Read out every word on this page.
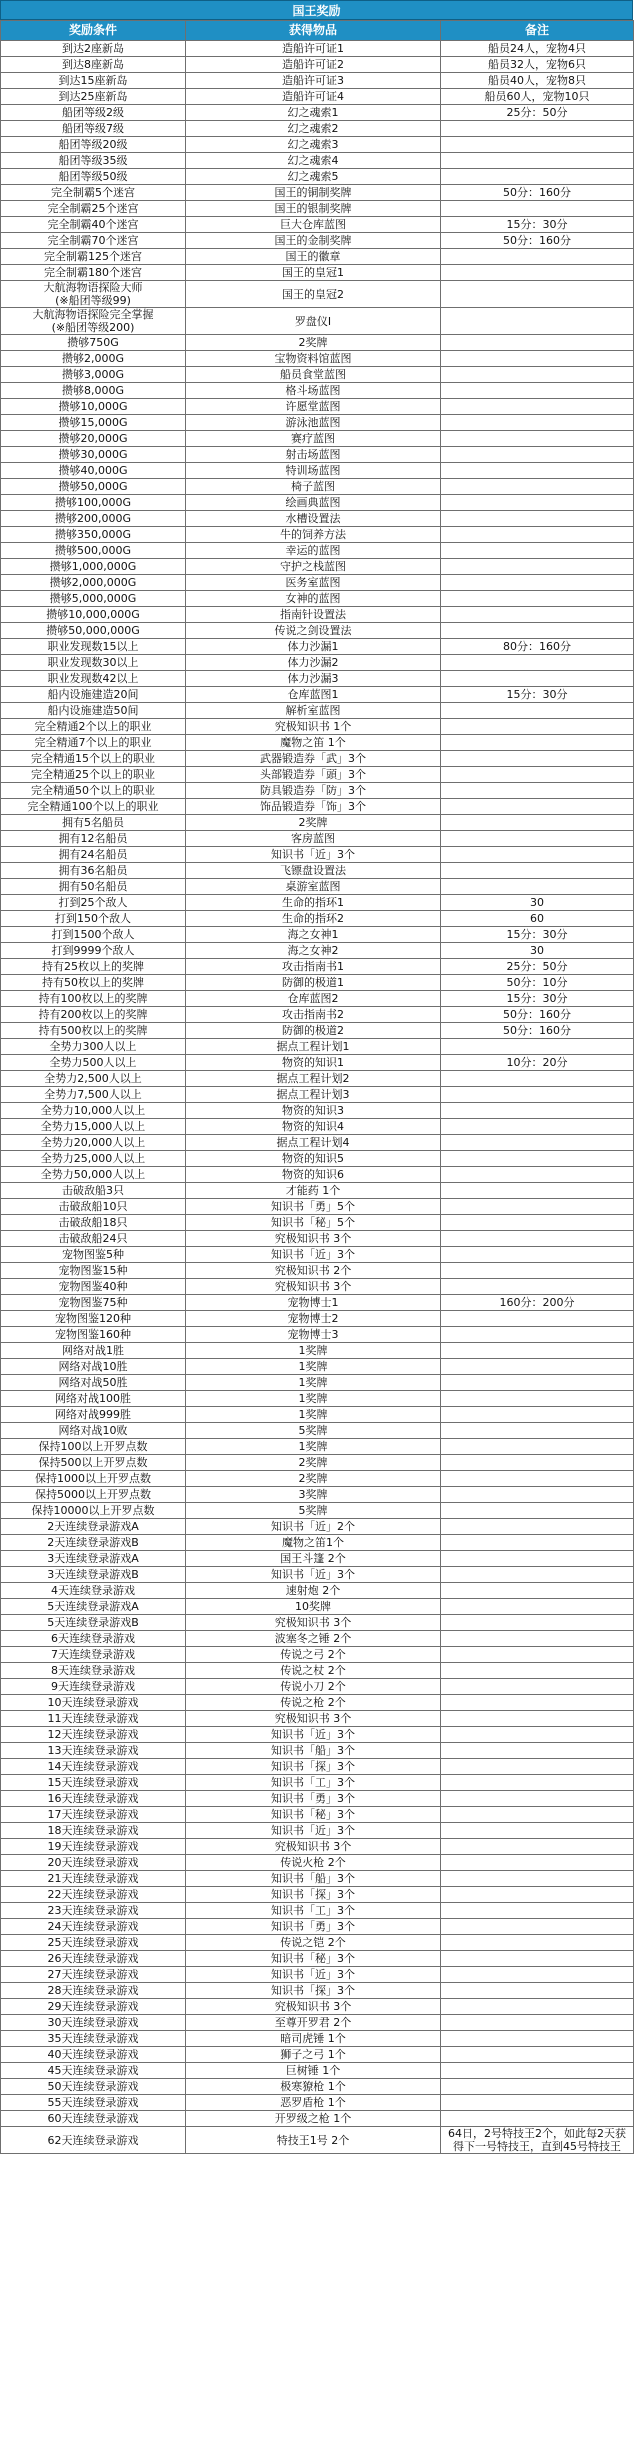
国王奖励
奖励条件	获得物品	备注
到达2座新岛	造船许可证1	船员24人，宠物4只
到达8座新岛	造船许可证2	船员32人，宠物6只
到达15座新岛	造船许可证3	船员40人，宠物8只
到达25座新岛	造船许可证4	船员60人，宠物10只
船团等级2级	幻之魂索1	25分：50分
船团等级7级	幻之魂索2	
船团等级20级	幻之魂索3	
船团等级35级	幻之魂索4	
船团等级50级	幻之魂索5	
完全制霸5个迷宫	国王的铜制奖牌	50分：160分
完全制霸25个迷宫	国王的银制奖牌	
完全制霸40个迷宫	巨大仓库蓝图	15分：30分
完全制霸70个迷宫	国王的金制奖牌	50分：160分
完全制霸125个迷宫	国王的徽章	
完全制霸180个迷宫	国王的皇冠1	
大航海物语探险大师
(※船团等级99)	国王的皇冠2	
大航海物语探险完全掌握
(※船团等级200)	罗盘仪Ⅰ	
攒够750G	2奖牌	
攒够2,000G	宝物资料馆蓝图	
攒够3,000G	船员食堂蓝图	
攒够8,000G	格斗场蓝图	
攒够10,000G	许愿堂蓝图	
攒够15,000G	游泳池蓝图	
攒够20,000G	赛疗蓝图	
攒够30,000G	射击场蓝图	
攒够40,000G	特训场蓝图	
攒够50,000G	椅子蓝图	
攒够100,000G	绘画典蓝图	
攒够200,000G	水槽设置法	
攒够350,000G	牛的饲养方法	
攒够500,000G	幸运的蓝图	
攒够1,000,000G	守护之栈蓝图	
攒够2,000,000G	医务室蓝图	
攒够5,000,000G	女神的蓝图	
攒够10,000,000G	指南针设置法	
攒够50,000,000G	传说之剑设置法	
职业发现数15以上	体力沙漏1	80分：160分
职业发现数30以上	体力沙漏2	
职业发现数42以上	体力沙漏3	
船内设施建造20间	仓库蓝图1	15分：30分
船内设施建造50间	解析室蓝图	
完全精通2个以上的职业	究极知识书 1个	
完全精通7个以上的职业	魔物之笛 1个	
完全精通15个以上的职业	武器锻造券「武」3个	
完全精通25个以上的职业	头部锻造券「頭」3个	
完全精通50个以上的职业	防具锻造券「防」3个	
完全精通100个以上的职业	饰品锻造券「饰」3个	
拥有5名船员	2奖牌	
拥有12名船员	客房蓝图	
拥有24名船员	知识书「近」3个	
拥有36名船员	飞镖盘设置法	
拥有50名船员	桌游室蓝图	
打到25个敌人	生命的指环1	30
打到150个敌人	生命的指环2	60
打到1500个敌人	海之女神1	15分：30分
打到9999个敌人	海之女神2	30
持有25枚以上的奖牌	攻击指南书1	25分：50分
持有50枚以上的奖牌	防御的极道1	50分：10分
持有100枚以上的奖牌	仓库蓝图2	15分：30分
持有200枚以上的奖牌	攻击指南书2	50分：160分
持有500枚以上的奖牌	防御的极道2	50分：160分
全势力300人以上	据点工程计划1	
全势力500人以上	物资的知识1	10分：20分
全势力2,500人以上	据点工程计划2	
全势力7,500人以上	据点工程计划3	
全势力10,000人以上	物资的知识3	
全势力15,000人以上	物资的知识4	
全势力20,000人以上	据点工程计划4	
全势力25,000人以上	物资的知识5	
全势力50,000人以上	物资的知识6	
击破敌船3只	才能药 1个	
击破敌船10只	知识书「勇」5个	
击破敌船18只	知识书「秘」5个	
击破敌船24只	究极知识书 3个	
宠物图鉴5种	知识书「近」3个	
宠物图鉴15种	究极知识书 2个	
宠物图鉴40种	究极知识书 3个	
宠物图鉴75种	宠物博士1	160分：200分
宠物图鉴120种	宠物博士2	
宠物图鉴160种	宠物博士3	
网络对战1胜	1奖牌	
网络对战10胜	1奖牌	
网络对战50胜	1奖牌	
网络对战100胜	1奖牌	
网络对战999胜	1奖牌	
网络对战10败	5奖牌	
保持100以上开罗点数	1奖牌	
保持500以上开罗点数	2奖牌	
保持1000以上开罗点数	2奖牌	
保持5000以上开罗点数	3奖牌	
保持10000以上开罗点数	5奖牌	
2天连续登录游戏A	知识书「近」2个	
2天连续登录游戏B	魔物之笛1个	
3天连续登录游戏A	国王斗篷 2个	
3天连续登录游戏B	知识书「近」3个	
4天连续登录游戏	速射炮 2个	
5天连续登录游戏A	10奖牌	
5天连续登录游戏B	究极知识书 3个	
6天连续登录游戏	波塞冬之锤 2个	
7天连续登录游戏	传说之弓 2个	
8天连续登录游戏	传说之杖 2个	
9天连续登录游戏	传说小刀 2个	
10天连续登录游戏	传说之枪 2个	
11天连续登录游戏	究极知识书 3个	
12天连续登录游戏	知识书「近」3个	
13天连续登录游戏	知识书「船」3个	
14天连续登录游戏	知识书「探」3个	
15天连续登录游戏	知识书「工」3个	
16天连续登录游戏	知识书「勇」3个	
17天连续登录游戏	知识书「秘」3个	
18天连续登录游戏	知识书「近」3个	
19天连续登录游戏	究极知识书 3个	
20天连续登录游戏	传说火枪 2个	
21天连续登录游戏	知识书「船」3个	
22天连续登录游戏	知识书「探」3个	
23天连续登录游戏	知识书「工」3个	
24天连续登录游戏	知识书「勇」3个	
25天连续登录游戏	传说之铠 2个	
26天连续登录游戏	知识书「秘」3个	
27天连续登录游戏	知识书「近」3个	
28天连续登录游戏	知识书「探」3个	
29天连续登录游戏	究极知识书 3个	
30天连续登录游戏	至尊开罗君 2个	
35天连续登录游戏	暗司虎锤 1个	
40天连续登录游戏	狮子之弓 1个	
45天连续登录游戏	巨树锤 1个	
50天连续登录游戏	极寒獠枪 1个	
55天连续登录游戏	恶罗盾枪 1个	
60天连续登录游戏	开罗级之枪 1个	
62天连续登录游戏	特技王1号 2个	64日，2号特技王2个，如此每2天获得下一号特技王，直到45号特技王
